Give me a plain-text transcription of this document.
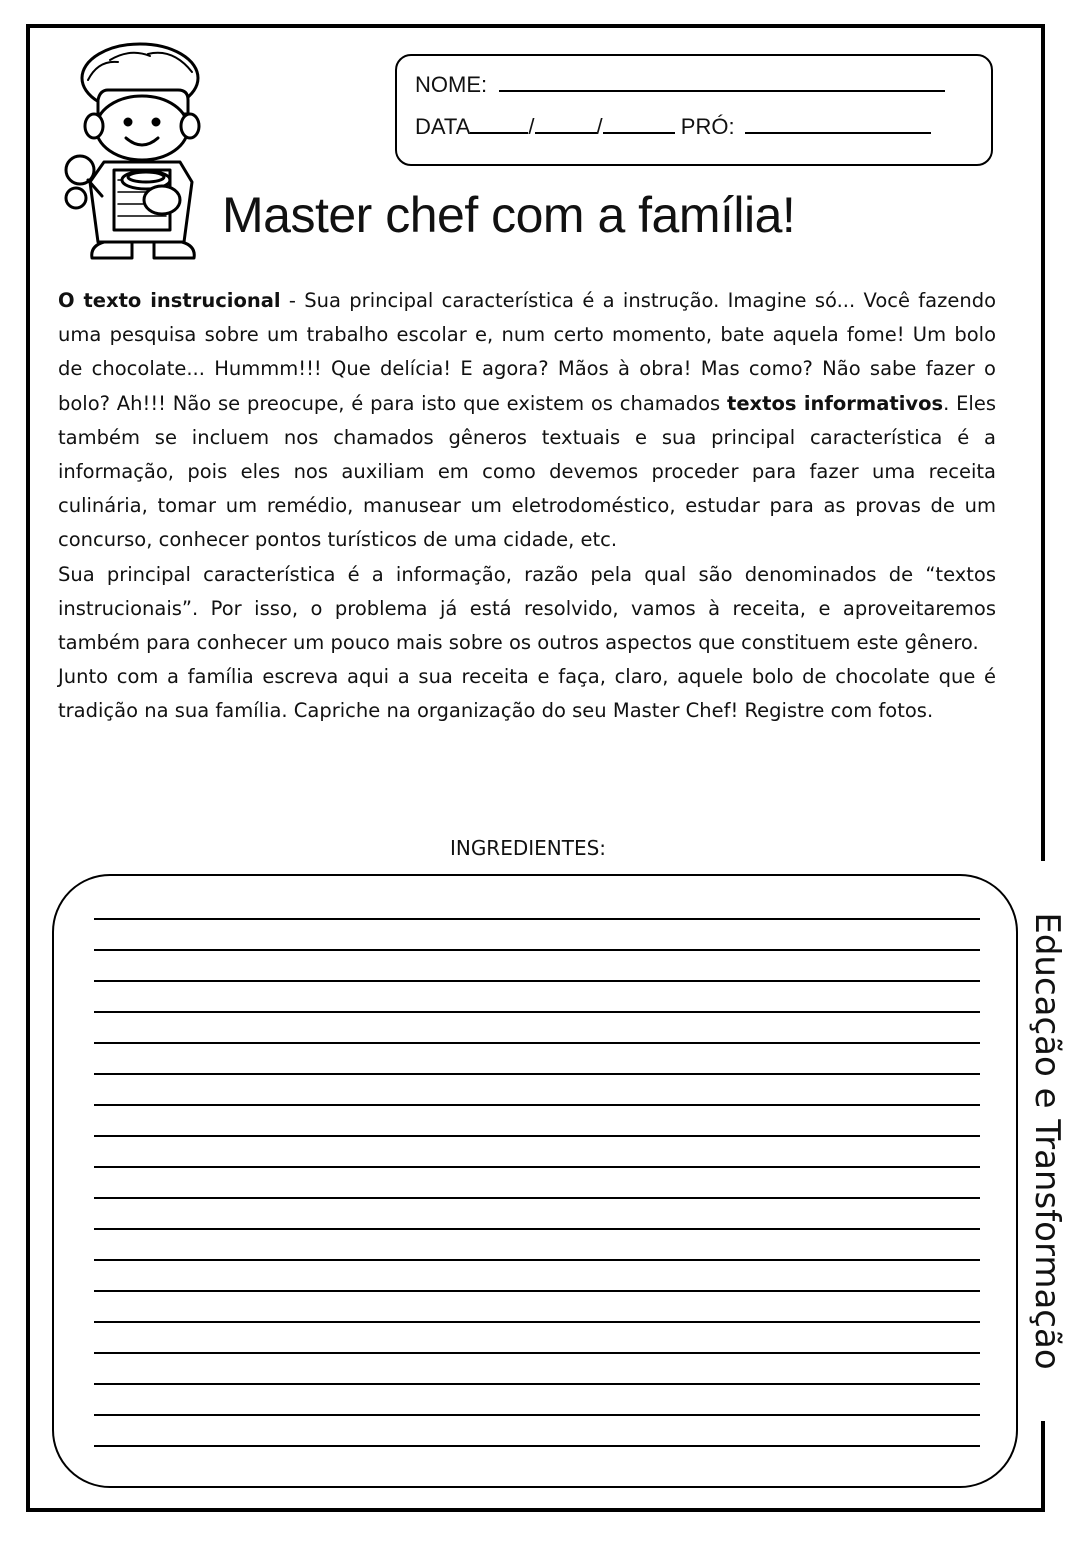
NOME:
DATA	/	/	PRÓ:
Master chef com a família!

O texto instrucional - Sua principal característica é a instrução. Imagine só... Você fazendo uma pesquisa sobre um trabalho escolar e, num certo momento, bate aquela fome! Um bolo de chocolate... Hummm!!! Que delícia! E agora? Mãos à obra! Mas como? Não sabe fazer o bolo? Ah!!! Não se preocupe, é para isto que existem os chamados textos informativos. Eles também se incluem nos chamados gêneros textuais e sua principal característica é a informação, pois eles nos auxiliam em como devemos proceder para fazer uma receita culinária, tomar um remédio, manusear um eletrodoméstico, estudar para as provas de um concurso, conhecer pontos turísticos de uma cidade, etc.

Sua principal característica é a informação, razão pela qual são denominados de “textos instrucionais”. Por isso, o problema já está resolvido, vamos à receita, e aproveitaremos também para conhecer um pouco mais sobre os outros aspectos que constituem este gênero.

Junto com a família escreva aqui a sua receita e faça, claro, aquele bolo de chocolate que é tradição na sua família. Capriche na organização do seu Master Chef! Registre com fotos.

INGREDIENTES:
Educação e Transformação
